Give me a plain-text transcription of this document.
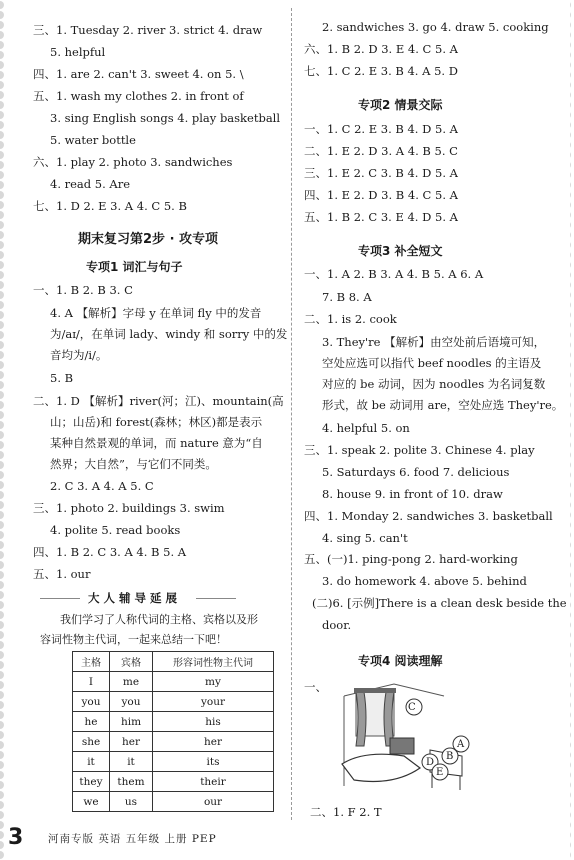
三、1. Tuesday 2. river 3. strict 4. draw
5. helpful
四、1. are 2. can't 3. sweet 4. on 5. \
五、1. wash my clothes 2. in front of
3. sing English songs 4. play basketball
5. water bottle
六、1. play 2. photo 3. sandwiches
4. read 5. Are
七、1. D 2. E 3. A 4. C 5. B
期末复习第2步 · 攻专项
专项1 词汇与句子
一、1. B 2. B 3. C
4. A 【解析】字母 y 在单词 fly 中的发音
为/aɪ/，在单词 lady、windy 和 sorry 中的发
音均为/i/。
5. B
二、1. D 【解析】river(河；江)、mountain(高
山；山岳)和 forest(森林；林区)都是表示
某种自然景观的单词，而 nature 意为“自
然界；大自然”，与它们不同类。
2. C 3. A 4. A 5. C
三、1. photo 2. buildings 3. swim
4. polite 5. read books
四、1. B 2. C 3. A 4. B 5. A
五、1. our
大 人 辅 导 延 展
我们学习了人称代词的主格、宾格以及形
容词性物主代词，一起来总结一下吧！
主格	宾格	形容词性物主代词
I	me	my
you	you	your
he	him	his
she	her	her
it	it	its
they	them	their
we	us	our
2. sandwiches 3. go 4. draw 5. cooking
六、1. B 2. D 3. E 4. C 5. A
七、1. C 2. E 3. B 4. A 5. D
专项2 情景交际
一、1. C 2. E 3. B 4. D 5. A
二、1. E 2. D 3. A 4. B 5. C
三、1. E 2. C 3. B 4. D 5. A
四、1. E 2. D 3. B 4. C 5. A
五、1. B 2. C 3. E 4. D 5. A
专项3 补全短文
一、1. A 2. B 3. A 4. B 5. A 6. A
7. B 8. A
二、1. is 2. cook
3. They're 【解析】由空处前后语境可知，
空处应选可以指代 beef noodles 的主语及
对应的 be 动词，因为 noodles 为名词复数
形式，故 be 动词用 are，空处应选 They're。
4. helpful 5. on
三、1. speak 2. polite 3. Chinese 4. play
5. Saturdays 6. food 7. delicious
8. house 9. in front of 10. draw
四、1. Monday 2. sandwiches 3. basketball
4. sing 5. can't
五、(一)1. ping-pong 2. hard-working
3. do homework 4. above 5. behind
(二)6. [示例]There is a clean desk beside the
door.
专项4 阅读理解
一、
C
A
B
D
E
二、1. F 2. T
3 河南专版 英语 五年级 上册 PEP
